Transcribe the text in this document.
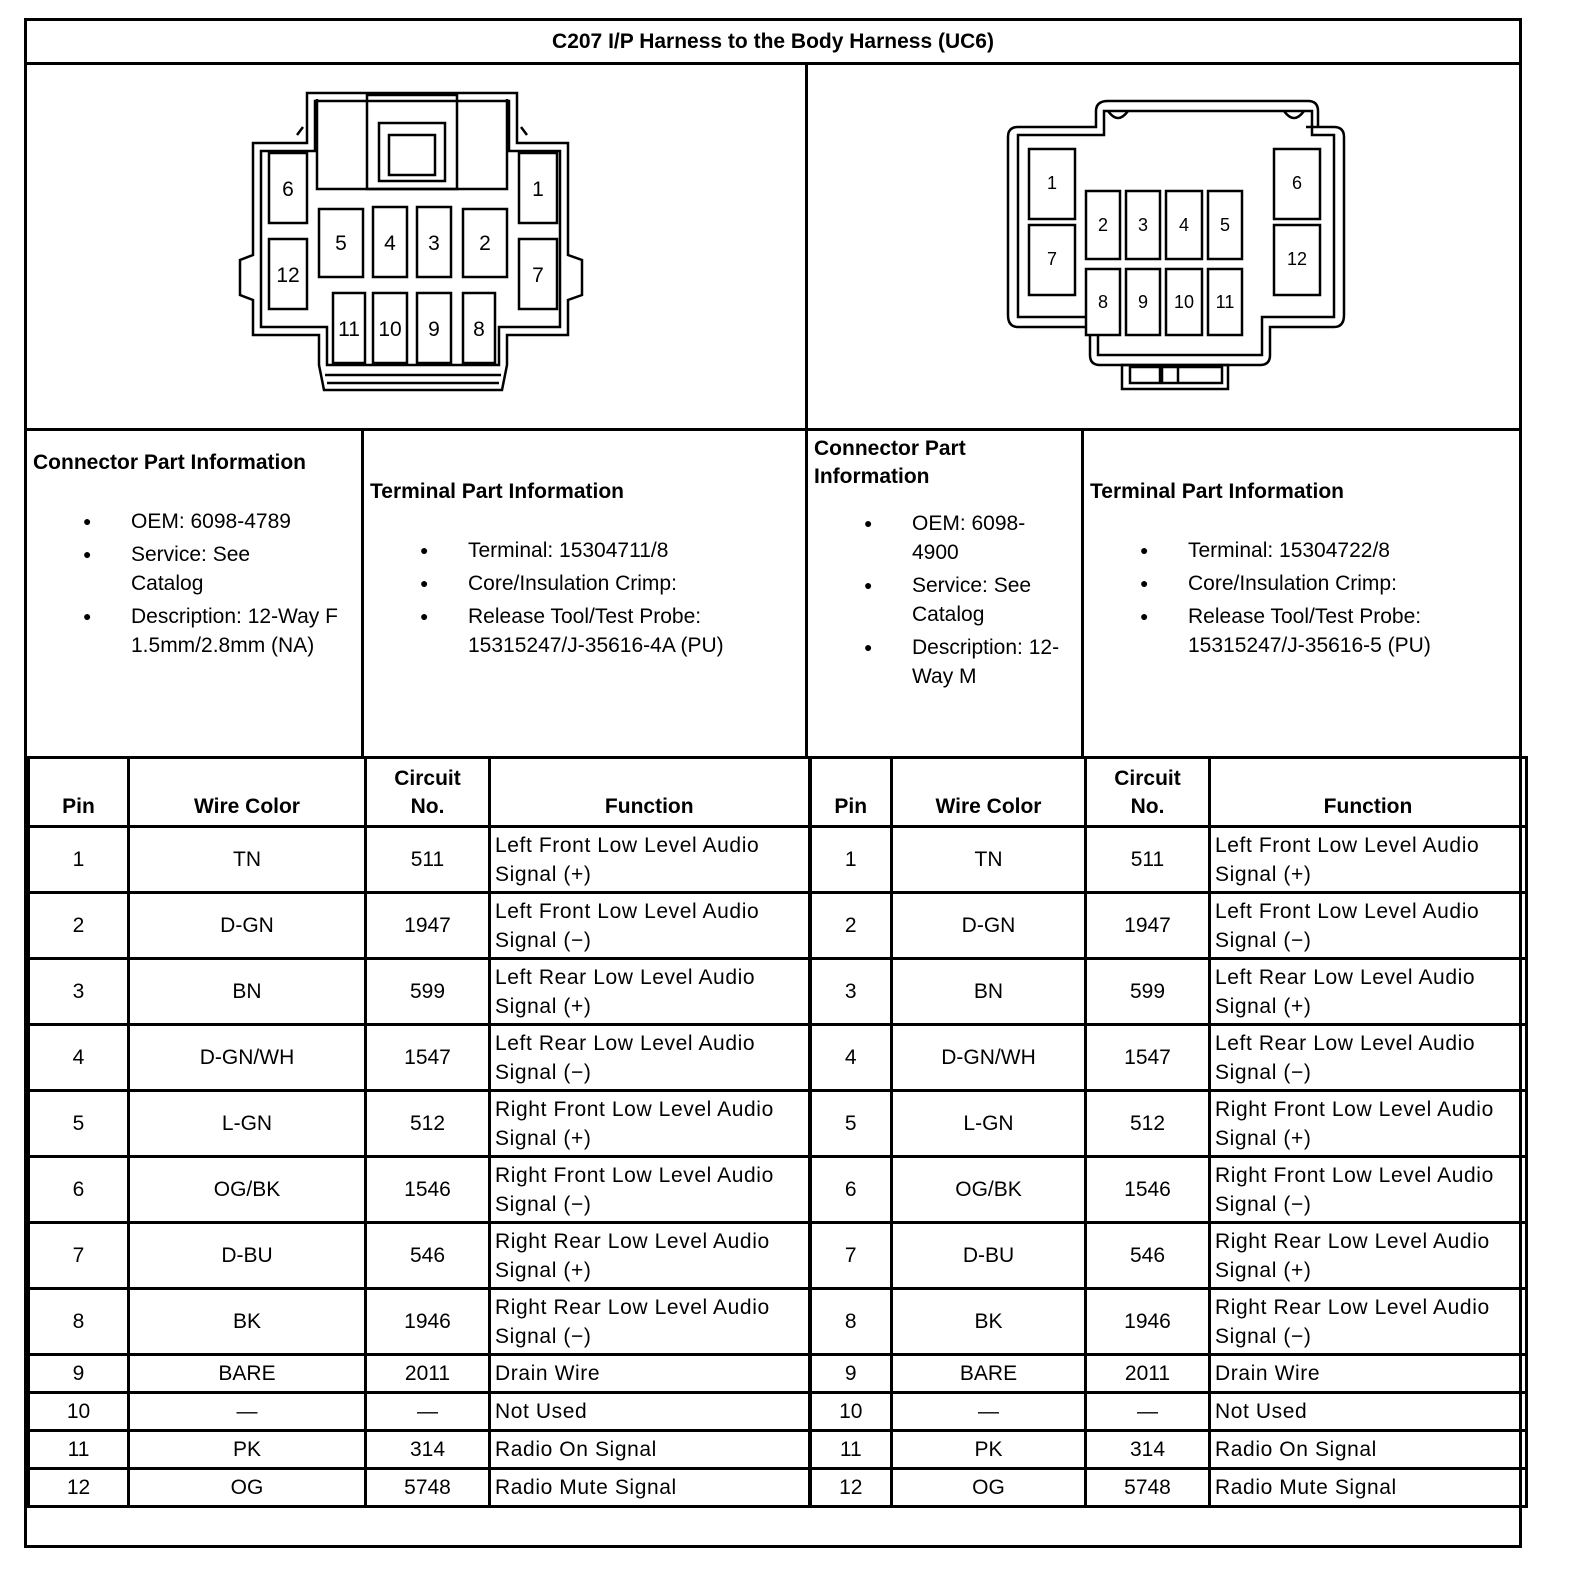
C207 I/P Harness to the Body Harness (UC6)
6	1
5 4 3 2
12	7
11 10 9 8
1	6
2 3 4 5
7	12
8 9 10 11
Connector Part Information
● OEM: 6098-4789
● Service: See Catalog
● Description: 12-Way F 1.5mm/2.8mm (NA)
Terminal Part Information
● Terminal: 15304711/8
● Core/Insulation Crimp:
● Release Tool/Test Probe: 15315247/J-35616-4A (PU)
Connector Part Information
● OEM: 6098-4900
● Service: See Catalog
● Description: 12-Way M
Terminal Part Information
● Terminal: 15304722/8
● Core/Insulation Crimp:
● Release Tool/Test Probe: 15315247/J-35616-5 (PU)
Pin	Wire Color	Circuit No.	Function	Pin	Wire Color	Circuit No.	Function
1	TN	511	Left Front Low Level Audio Signal (+)	1	TN	511	Left Front Low Level Audio Signal (+)
2	D-GN	1947	Left Front Low Level Audio Signal (−)	2	D-GN	1947	Left Front Low Level Audio Signal (−)
3	BN	599	Left Rear Low Level Audio Signal (+)	3	BN	599	Left Rear Low Level Audio Signal (+)
4	D-GN/WH	1547	Left Rear Low Level Audio Signal (−)	4	D-GN/WH	1547	Left Rear Low Level Audio Signal (−)
5	L-GN	512	Right Front Low Level Audio Signal (+)	5	L-GN	512	Right Front Low Level Audio Signal (+)
6	OG/BK	1546	Right Front Low Level Audio Signal (−)	6	OG/BK	1546	Right Front Low Level Audio Signal (−)
7	D-BU	546	Right Rear Low Level Audio Signal (+)	7	D-BU	546	Right Rear Low Level Audio Signal (+)
8	BK	1946	Right Rear Low Level Audio Signal (−)	8	BK	1946	Right Rear Low Level Audio Signal (−)
9	BARE	2011	Drain Wire	9	BARE	2011	Drain Wire
10	—	—	Not Used	10	—	—	Not Used
11	PK	314	Radio On Signal	11	PK	314	Radio On Signal
12	OG	5748	Radio Mute Signal	12	OG	5748	Radio Mute Signal
